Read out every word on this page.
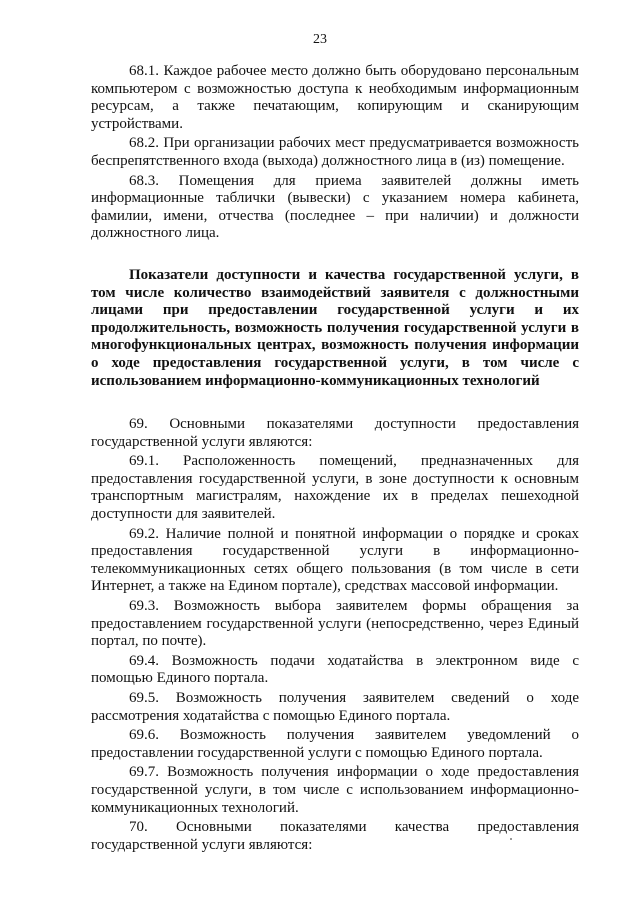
23

68.1. Каждое рабочее место должно быть оборудовано персональным компьютером с возможностью доступа к необходимым информационным ресурсам, а также печатающим, копирующим и сканирующим устройствами.

68.2. При организации рабочих мест предусматривается возможность беспрепятственного входа (выхода) должностного лица в (из) помещение.

68.3. Помещения для приема заявителей должны иметь информационные таблички (вывески) с указанием номера кабинета, фамилии, имени, отчества (последнее – при наличии) и должности должностного лица.

Показатели доступности и качества государственной услуги, в том числе количество взаимодействий заявителя с должностными лицами при предоставлении государственной услуги и их продолжительность, возможность получения государственной услуги в многофункциональных центрах, возможность получения информации о ходе предоставления государственной услуги, в том числе с использованием информационно-коммуникационных технологий

69. Основными показателями доступности предоставления государственной услуги являются:

69.1. Расположенность помещений, предназначенных для предоставления государственной услуги, в зоне доступности к основным транспортным магистралям, нахождение их в пределах пешеходной доступности для заявителей.

69.2. Наличие полной и понятной информации о порядке и сроках предоставления государственной услуги в информационно-телекоммуникационных сетях общего пользования (в том числе в сети Интернет, а также на Едином портале), средствах массовой информации.

69.3. Возможность выбора заявителем формы обращения за предоставлением государственной услуги (непосредственно, через Единый портал, по почте).

69.4. Возможность подачи ходатайства в электронном виде с помощью Единого портала.

69.5. Возможность получения заявителем сведений о ходе рассмотрения ходатайства с помощью Единого портала.

69.6. Возможность получения заявителем уведомлений о предоставлении государственной услуги с помощью Единого портала.

69.7. Возможность получения информации о ходе предоставления государственной услуги, в том числе с использованием информационно-коммуникационных технологий.

70. Основными показателями качества предоставления государственной услуги являются:
